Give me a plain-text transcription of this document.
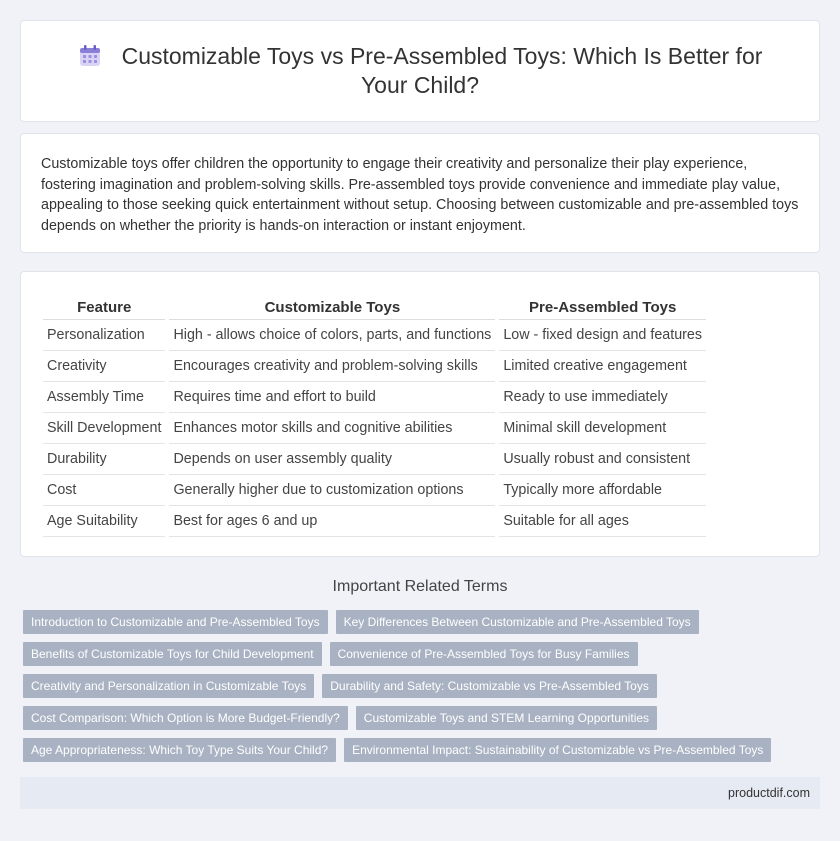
Customizable Toys vs Pre-Assembled Toys: Which Is Better for Your Child?

Customizable toys offer children the opportunity to engage their creativity and personalize their play experience, fostering imagination and problem-solving skills. Pre-assembled toys provide convenience and immediate play value, appealing to those seeking quick entertainment without setup. Choosing between customizable and pre-assembled toys depends on whether the priority is hands-on interaction or instant enjoyment.

Feature	Customizable Toys	Pre-Assembled Toys
Personalization	High - allows choice of colors, parts, and functions	Low - fixed design and features
Creativity	Encourages creativity and problem-solving skills	Limited creative engagement
Assembly Time	Requires time and effort to build	Ready to use immediately
Skill Development	Enhances motor skills and cognitive abilities	Minimal skill development
Durability	Depends on user assembly quality	Usually robust and consistent
Cost	Generally higher due to customization options	Typically more affordable
Age Suitability	Best for ages 6 and up	Suitable for all ages
Important Related Terms
Introduction to Customizable and Pre-Assembled Toys	Key Differences Between Customizable and Pre-Assembled Toys
Benefits of Customizable Toys for Child Development	Convenience of Pre-Assembled Toys for Busy Families
Creativity and Personalization in Customizable Toys	Durability and Safety: Customizable vs Pre-Assembled Toys
Cost Comparison: Which Option is More Budget-Friendly?	Customizable Toys and STEM Learning Opportunities
Age Appropriateness: Which Toy Type Suits Your Child?	Environmental Impact: Sustainability of Customizable vs Pre-Assembled Toys
productdif.com
